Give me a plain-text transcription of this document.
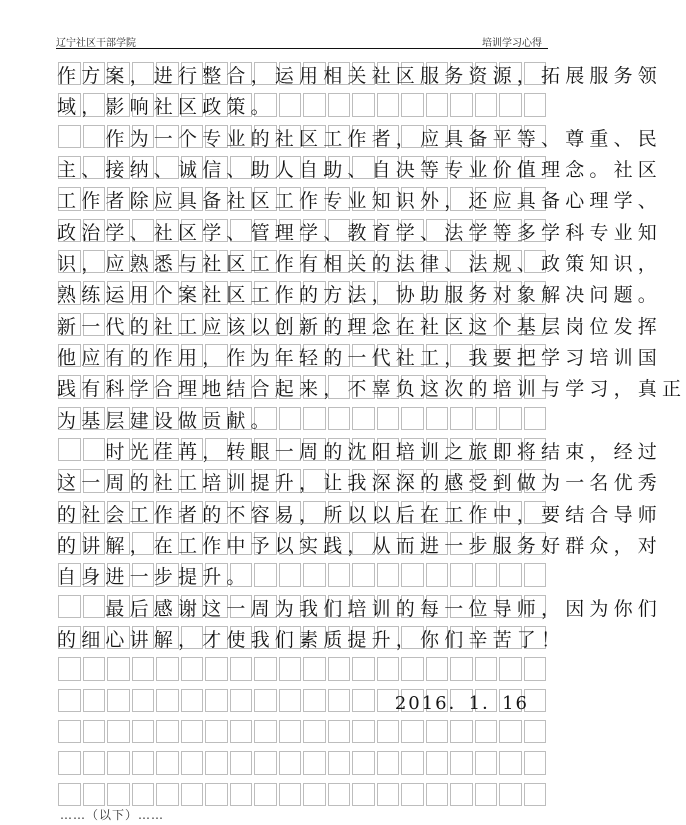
辽宁社区干部学院	培训学习心得
作方案，进行整合，运用相关社区服务资源，拓展服务领
域，影响社区政策。
　　作为一个专业的社区工作者，应具备平等、尊重、民
主、接纳、诚信、助人自助、自决等专业价值理念。社区
工作者除应具备社区工作专业知识外，还应具备心理学、
政治学、社区学、管理学、教育学、法学等多学科专业知
识，应熟悉与社区工作有相关的法律、法规、政策知识，
熟练运用个案社区工作的方法，协助服务对象解决问题。
新一代的社工应该以创新的理念在社区这个基层岗位发挥
他应有的作用，作为年轻的一代社工，我要把学习培训国
践有科学合理地结合起来，不辜负这次的培训与学习，真正
为基层建设做贡献。
　　时光荏苒，转眼一周的沈阳培训之旅即将结束，经过
这一周的社工培训提升，让我深深的感受到做为一名优秀
的社会工作者的不容易，所以以后在工作中，要结合导师
的讲解，在工作中予以实践，从而进一步服务好群众，对
自身进一步提升。
　　最后感谢这一周为我们培训的每一位导师，因为你们
的细心讲解，才使我们素质提升，你们辛苦了！
2016．1．16
……（以下）……
